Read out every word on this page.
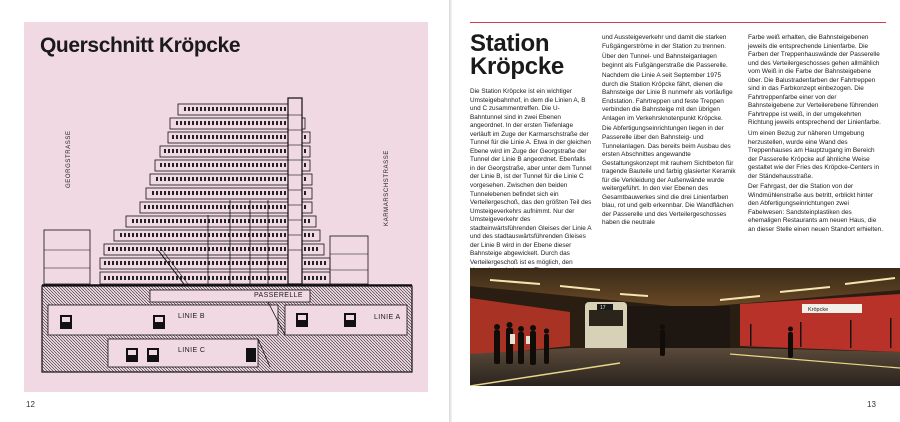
Querschnitt Kröpcke
GEORGSTRASSE	KARMARSCHSTRASSE
PASSERELLE
LINIE B	LINIE A
LINIE C
12
Station
Kröpcke

Die Station Kröpcke ist ein wichtiger Umsteigebahnhof, in dem die Linien A, B und C zusammentreffen. Die U-Bahntunnel sind in zwei Ebenen angeordnet. In der ersten Tiefenlage verläuft im Zuge der Karmarschstraße der Tunnel für die Linie A. Etwa in der gleichen Ebene wird im Zuge der Georgstraße der Tunnel der Linie B angeordnet. Ebenfalls in der Georgstraße, aber unter dem Tunnel der Linie B, ist der Tunnel für die Linie C vorgesehen. Zwischen den beiden Tunnelebenen befindet sich ein Verteilergeschoß, das den größten Teil des Umsteigeverkehrs aufnimmt. Nur der Umsteigeverkehr des stadteinwärtsführenden Gleises der Linie A und des stadtauswärtsführenden Gleises der Linie B wird in der Ebene dieser Bahnsteige abgewickelt. Durch das Verteilergeschoß ist es möglich, den

und Aussteigeverkehr und damit die starken Fußgängerströme in der Station zu trennen.

Über den Tunnel- und Bahnsteiganlagen beginnt als Fußgängerstraße die Passerelle.

Nachdem die Linie A seit September 1975 durch die Station Kröpcke fährt, dienen die Bahnsteige der Linie B nunmehr als vorläufige Endstation. Fahrtreppen und feste Treppen verbinden die Bahnsteige mit den übrigen Anlagen im Verkehrsknotenpunkt Kröpcke.

Die Abfertigungseinrichtungen liegen in der Passerelle über den Bahnsteig- und Tunnelanlagen. Das bereits beim Ausbau des ersten Abschnittes angewandte Gestaltungskonzept mit rauhem Sichtbeton für tragende Bauteile und farbig glasierter Keramik für die Verkleidung der Außenwände wurde weitergeführt. In den vier Ebenen des Gesamtbauwerkes sind die drei Linienfarben blau, rot und gelb erkennbar. Die Wandflächen der Passerelle und des Verteilergeschosses haben die neutrale

Farbe weiß erhalten, die Bahnsteigebenen jeweils die entsprechende Linienfarbe. Die Farben der Treppenhauswände der Passerelle und des Verteilergeschosses gehen allmählich vom Weiß in die Farbe der Bahnsteigebene über. Die Balustradenfarben der Fahrtreppen sind in das Farbkonzept einbezogen. Die Fahrtreppenfarbe einer von der Bahnsteigebene zur Verteilerebene führenden Fahrtreppe ist weiß, in der umgekehrten Richtung jeweils entsprechend der Linienfarbe.

Um einen Bezug zur näheren Umgebung herzustellen, wurde eine Wand des Treppenhauses am Hauptzugang im Bereich der Passerelle Kröpcke auf ähnliche Weise gestaltet wie der Fries des Kröpcke-Centers in der Ständehausstraße.

Der Fahrgast, der die Station von der Windmühlenstraße aus betritt, erblickt hinter den Abfertigungseinrichtungen zwei Fabelwesen: Sandsteinplastiken des ehemaligen Restaurants am neuen Haus, die an dieser Stelle einen neuen Standort erhielten.

17	Kröpcke
13
